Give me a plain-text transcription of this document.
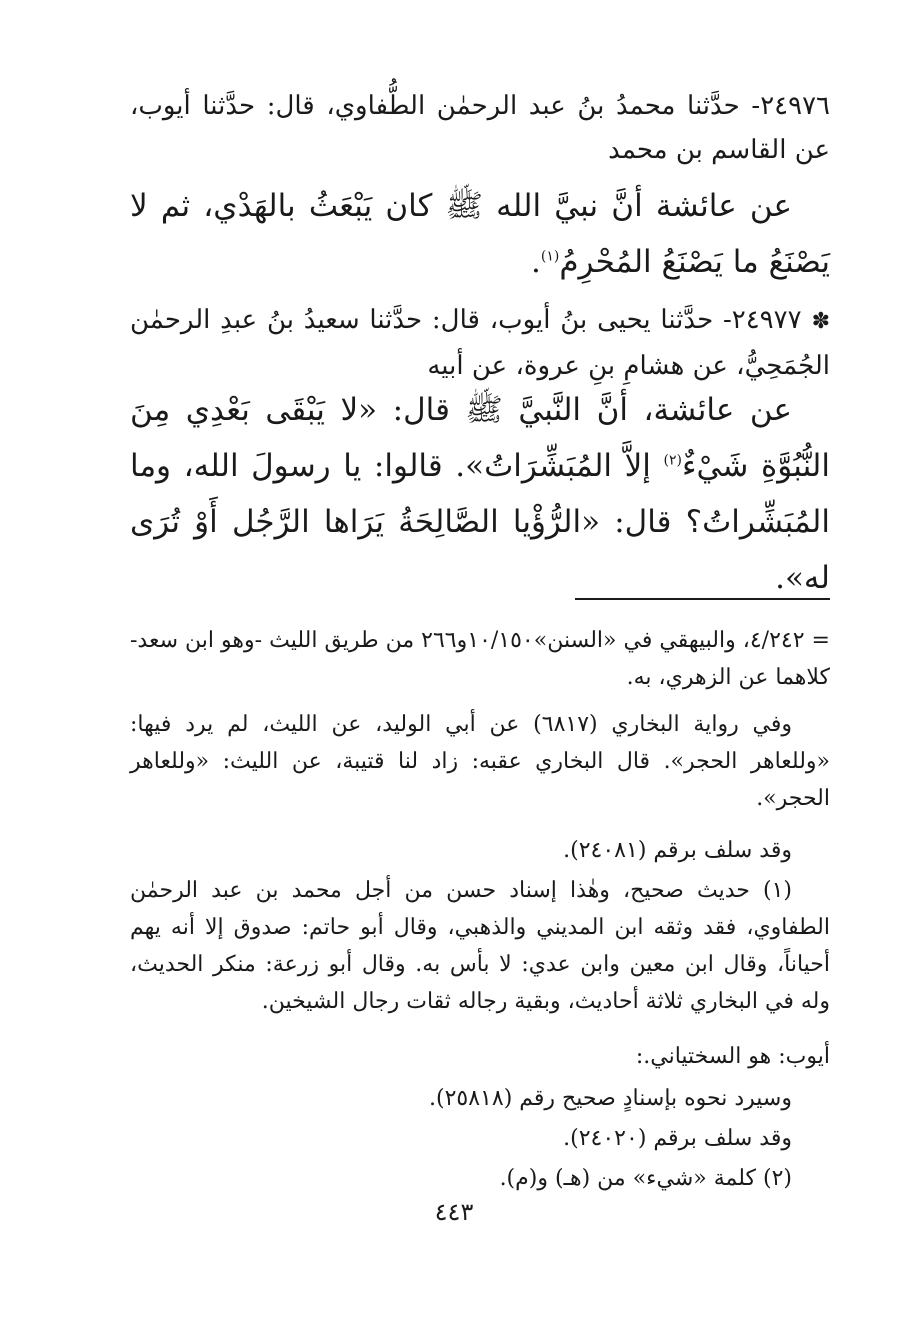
٢٤٩٧٦- حدَّثنا محمدُ بنُ عبد الرحمٰن الطُّفاوي، قال: حدَّثنا أيوب، عن القاسم بن محمد
عن عائشة أنَّ نبيَّ الله ﷺ كان يَبْعَثُ بالهَدْي، ثم لا يَصْنَعُ ما يَصْنَعُ المُحْرِمُ$^{(١)}$.
✽٢٤٩٧٧- حدَّثنا يحيى بنُ أيوب، قال: حدَّثنا سعيدُ بنُ عبدِ الرحمٰن الجُمَحِيُّ، عن هشامِ بنِ عروة، عن أبيه
عن عائشة، أنَّ النَّبيَّ ﷺ قال: «لا يَبْقَى بَعْدِي مِنَ النُّبُوَّةِ شَيْءٌ$^{(٢)}$ إلاَّ المُبَشِّرَاتُ». قالوا: يا رسولَ الله، وما المُبَشِّراتُ؟ قال: «الرُّؤْيا الصَّالِحَةُ يَرَاها الرَّجُل أَوْ تُرَى له».
= ٤/٢٤٢، والبيهقي في «السنن»١٠/١٥٠و٢٦٦ من طريق الليث -وهو ابن سعد- كلاهما عن الزهري، به.
وفي رواية البخاري (٦٨١٧) عن أبي الوليد، عن الليث، لم يرد فيها: «وللعاهر الحجر». قال البخاري عقبه: زاد لنا قتيبة، عن الليث: «وللعاهر الحجر».
وقد سلف برقم (٢٤٠٨١).
(١) حديث صحيح، وهٰذا إسناد حسن من أجل محمد بن عبد الرحمٰن الطفاوي، فقد وثقه ابن المديني والذهبي، وقال أبو حاتم: صدوق إلا أنه يهم أحياناً، وقال ابن معين وابن عدي: لا بأس به. وقال أبو زرعة: منكر الحديث، وله في البخاري ثلاثة أحاديث، وبقية رجاله ثقات رجال الشيخين.
أيوب: هو السختياني.:
وسيرد نحوه بإسنادٍ صحيح رقم (٢٥٨١٨).
وقد سلف برقم (٢٤٠٢٠).
(٢) كلمة «شيء» من (هـ) و(م).
٤٤٣
